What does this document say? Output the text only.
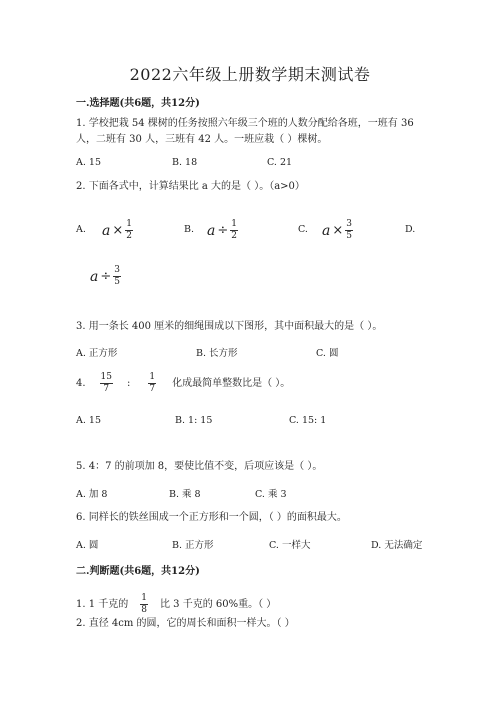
2022六年级上册数学期末测试卷
一.选择题(共6题，共12分)
1. 学校把栽 54 棵树的任务按照六年级三个班的人数分配给各班，一班有 36
人，二班有 30 人，三班有 42 人。一班应栽（ ）棵树。
A. 15	B. 18	C. 21
2. 下面各式中，计算结果比 a 大的是（ ）。（a>0）
A. $a \times \frac{1}{2}$	B. $a \div \frac{1}{2}$	C. $a \times \frac{3}{5}$	D.
$a \div \frac{3}{5}$
3. 用一条长 400 厘米的细绳围成以下图形，其中面积最大的是（ ）。
A. 正方形	B. 长方形	C. 圆
4. $\frac{15}{7}$ : $\frac{1}{7}$ 化成最简单整数比是（ ）。
A. 15	B. 1: 15	C. 15: 1
5. 4：7 的前项加 8，要使比值不变，后项应该是（ ）。
A. 加 8	B. 乘 8	C. 乘 3
6. 同样长的铁丝围成一个正方形和一个圆，（ ）的面积最大。
A. 圆	B. 正方形	C. 一样大	D. 无法确定
二.判断题(共6题，共12分)
1. 1 千克的 $\frac{1}{8}$ 比 3 千克的 60%重。（ ）
2. 直径 4cm 的圆，它的周长和面积一样大。（ ）
